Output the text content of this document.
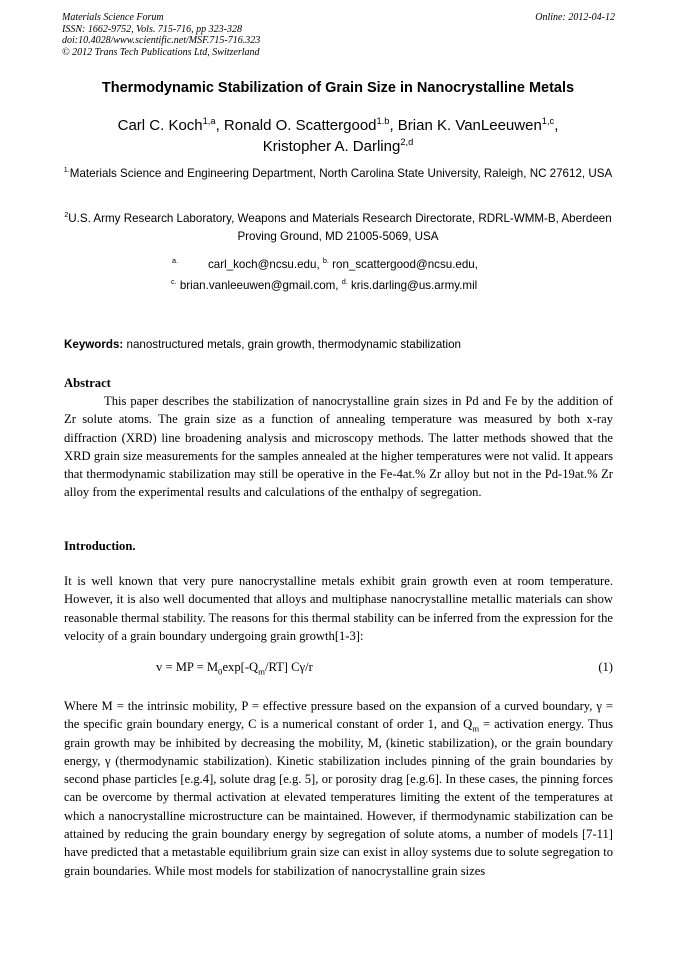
Materials Science Forum
ISSN: 1662-9752, Vols. 715-716, pp 323-328
doi:10.4028/www.scientific.net/MSF.715-716.323
© 2012 Trans Tech Publications Ltd, Switzerland
Online: 2012-04-12
Thermodynamic Stabilization of Grain Size in Nanocrystalline Metals
Carl C. Koch$^{1,a}$, Ronald O. Scattergood$^{1.b}$, Brian K. VanLeeuwen$^{1,c}$,
Kristopher A. Darling$^{2,d}$
$^{1.}$Materials Science and Engineering Department, North Carolina State University, Raleigh, NC 27612, USA
$^2$U.S. Army Research Laboratory, Weapons and Materials Research Directorate, RDRL-WMM-B, Aberdeen Proving Ground, MD 21005-5069, USA
$^{a.}$	carl_koch@ncsu.edu, $^{b.}$ ron_scattergood@ncsu.edu,
$^{c.}$ brian.vanleeuwen@gmail.com, $^{d.}$ kris.darling@us.army.mil
Keywords: nanostructured metals, grain growth, thermodynamic stabilization
Abstract
This paper describes the stabilization of nanocrystalline grain sizes in Pd and Fe by the addition of Zr solute atoms. The grain size as a function of annealing temperature was measured by both x-ray diffraction (XRD) line broadening analysis and microscopy methods. The latter methods showed that the XRD grain size measurements for the samples annealed at the higher temperatures were not valid. It appears that thermodynamic stabilization may still be operative in the Fe-4at.% Zr alloy but not in the Pd-19at.% Zr alloy from the experimental results and calculations of the enthalpy of segregation.
Introduction.
It is well known that very pure nanocrystalline metals exhibit grain growth even at room temperature. However, it is also well documented that alloys and multiphase nanocrystalline metallic materials can show reasonable thermal stability. The reasons for this thermal stability can be inferred from the expression for the velocity of a grain boundary undergoing grain growth[1-3]:
v = MP = $M_0\exp[-Q_m/RT]$ Cγ/r	(1)
Where M = the intrinsic mobility, P = effective pressure based on the expansion of a curved boundary, γ = the specific grain boundary energy, C is a numerical constant of order 1, and $Q_m$ = activation energy. Thus grain growth may be inhibited by decreasing the mobility, M, (kinetic stabilization), or the grain boundary energy, γ (thermodynamic stabilization). Kinetic stabilization includes pinning of the grain boundaries by second phase particles [e.g.4], solute drag [e.g. 5], or porosity drag [e.g.6]. In these cases, the pinning forces can be overcome by thermal activation at elevated temperatures limiting the extent of the temperatures at which a nanocrystalline microstructure can be maintained. However, if thermodynamic stabilization can be attained by reducing the grain boundary energy by segregation of solute atoms, a number of models [7-11] have predicted that a metastable equilibrium grain size can exist in alloy systems due to solute segregation to grain boundaries. While most models for stabilization of nanocrystalline grain sizes
